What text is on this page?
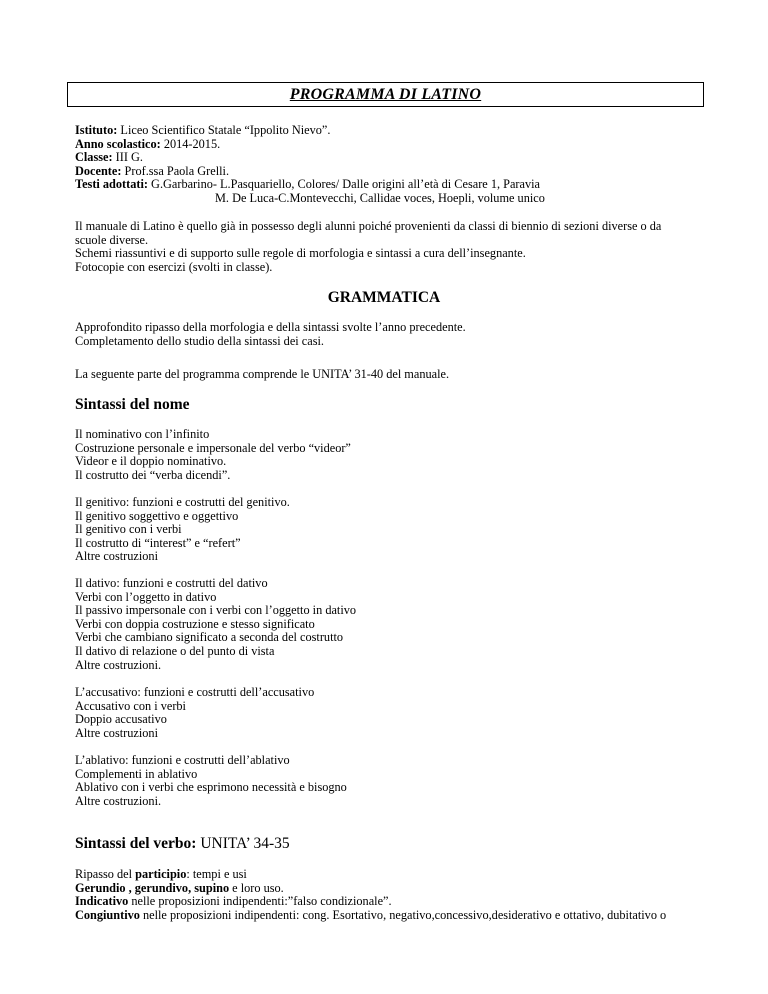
PROGRAMMA DI LATINO
Istituto: Liceo Scientifico Statale “Ippolito Nievo”.
Anno scolastico: 2014-2015.
Classe: III G.
Docente: Prof.ssa Paola Grelli.
Testi adottati: G.Garbarino- L.Pasquariello, Colores/ Dalle origini all’età di Cesare 1, Paravia
M. De Luca-C.Montevecchi, Callidae voces, Hoepli, volume unico
Il manuale di Latino è quello già in possesso degli alunni poiché provenienti da classi di biennio di sezioni diverse o da
scuole diverse.
Schemi riassuntivi e di supporto sulle regole di morfologia e sintassi a cura dell’insegnante.
Fotocopie con esercizi (svolti in classe).
GRAMMATICA
Approfondito ripasso della morfologia e della sintassi svolte l’anno precedente.
Completamento dello studio della sintassi dei casi.
La seguente parte del programma comprende le UNITA’ 31-40 del manuale.
Sintassi del nome
Il nominativo con l’infinito
Costruzione personale e impersonale del verbo “videor”
Videor e il doppio nominativo.
Il costrutto dei “verba dicendi”.
Il genitivo: funzioni e costrutti del genitivo.
Il genitivo soggettivo e oggettivo
Il genitivo con i verbi
Il costrutto di “interest” e “refert”
Altre costruzioni
Il dativo: funzioni e costrutti del dativo
Verbi con l’oggetto in dativo
Il passivo impersonale con i verbi con l’oggetto in dativo
Verbi con doppia costruzione e stesso significato
Verbi che cambiano significato a seconda del costrutto
Il dativo di relazione o del punto di vista
Altre costruzioni.
L’accusativo: funzioni e costrutti dell’accusativo
Accusativo con i verbi
Doppio accusativo
Altre costruzioni
L’ablativo: funzioni e costrutti dell’ablativo
Complementi in ablativo
Ablativo con i verbi che esprimono necessità e bisogno
Altre costruzioni.
Sintassi del verbo: UNITA’ 34-35
Ripasso del participio: tempi e usi
Gerundio , gerundivo, supino e loro uso.
Indicativo nelle proposizioni indipendenti:”falso condizionale”.
Congiuntivo nelle proposizioni indipendenti: cong. Esortativo, negativo,concessivo,desiderativo e ottativo, dubitativo o
